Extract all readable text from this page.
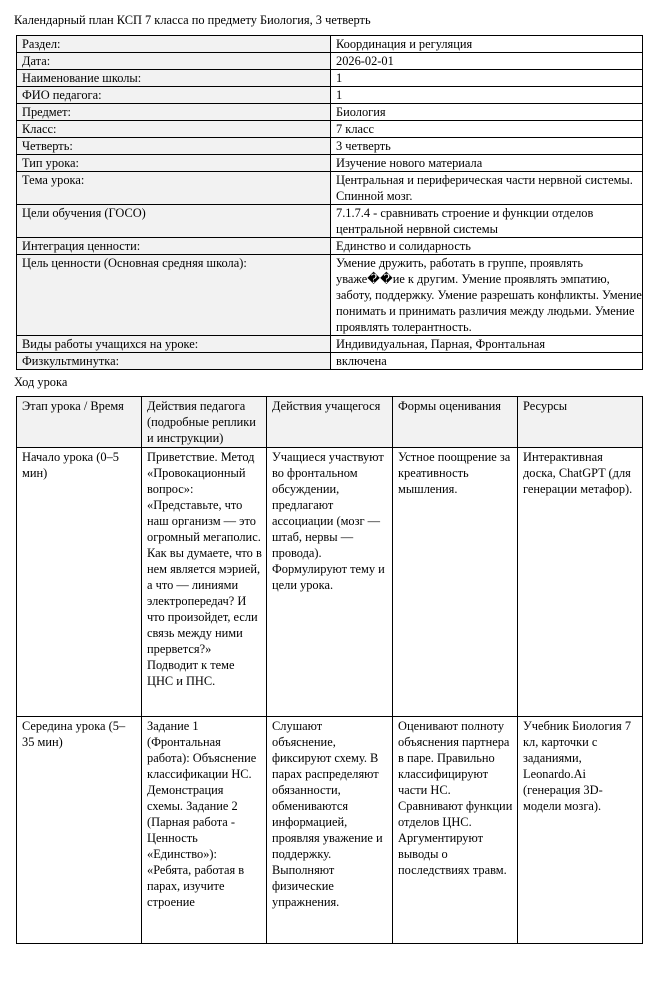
Календарный план КСП 7 класса по предмету Биология, 3 четверть
Раздел:	Координация и регуляция
Дата:	2026-02-01
Наименование школы:	1
ФИО педагога:	1
Предмет:	Биология
Класс:	7 класс
Четверть:	3 четверть
Тип урока:	Изучение нового материала
Тема урока:	Центральная и периферическая части нервной системы. Спинной мозг.
Цели обучения (ГОСО)	7.1.7.4 - сравнивать строение и функции отделов центральной нервной системы
Интеграция ценности:	Единство и солидарность
Цель ценности (Основная средняя школа):	Умение дружить, работать в группе, проявлять уваже��ие к другим. Умение проявлять эмпатию, заботу, поддержку. Умение разрешать конфликты. Умение понимать и принимать различия между людьми. Умение проявлять толерантность.
Виды работы учащихся на уроке:	Индивидуальная, Парная, Фронтальная
Физкультминутка:	включена
Ход урока
Этап урока / Время	Действия педагога (подробные реплики и инструкции)	Действия учащегося	Формы оценивания	Ресурсы
Начало урока (0–5 мин)	Приветствие. Метод «Провокационный вопрос»: «Представьте, что наш организм — это огромный мегаполис. Как вы думаете, что в нем является мэрией, а что — линиями электропередач? И что произойдет, если связь между ними прервется?» Подводит к теме ЦНС и ПНС.	Учащиеся участвуют во фронтальном обсуждении, предлагают ассоциации (мозг — штаб, нервы — провода). Формулируют тему и цели урока.	Устное поощрение за креативность мышления.	Интерактивная доска, ChatGPT (для генерации метафор).
Середина урока (5–35 мин)	Задание 1 (Фронтальная работа): Объяснение классификации НС. Демонстрация схемы. Задание 2 (Парная работа - Ценность «Единство»): «Ребята, работая в парах, изучите строение	Слушают объяснение, фиксируют схему. В парах распределяют обязанности, обмениваются информацией, проявляя уважение и поддержку. Выполняют физические упражнения.	Оценивают полноту объяснения партнера в паре. Правильно классифицируют части НС. Сравнивают функции отделов ЦНС. Аргументируют выводы о последствиях травм.	Учебник Биология 7 кл, карточки с заданиями, Leonardo.Ai (генерация 3D-модели мозга).
